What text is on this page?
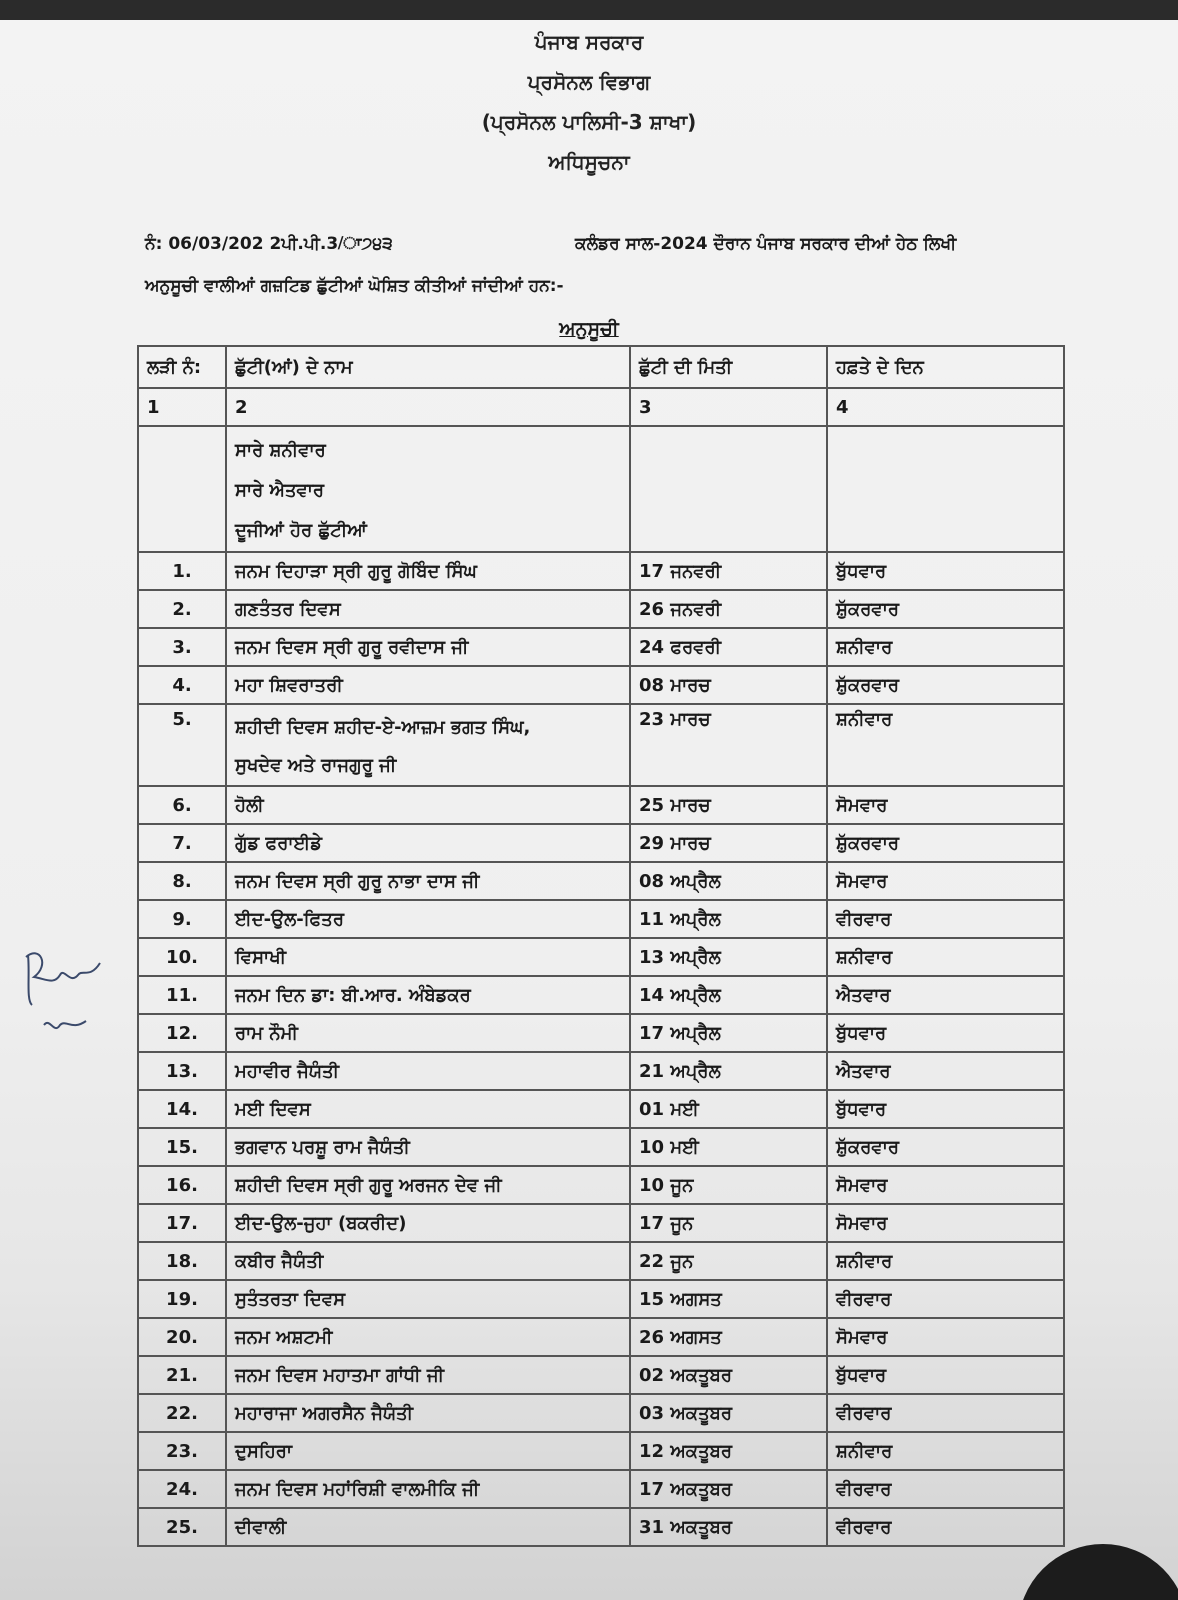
ਪੰਜਾਬ ਸਰਕਾਰ
ਪ੍ਰਸੋਨਲ ਵਿਭਾਗ
(ਪ੍ਰਸੋਨਲ ਪਾਲਿਸੀ-3 ਸ਼ਾਖਾ)
ਅਧਿਸੂਚਨਾ
ਨੰ: 06/03/202 2ਪੀ.ਪੀ.3/ਾ੭੪੩	ਕਲੰਡਰ ਸਾਲ-2024 ਦੌਰਾਨ ਪੰਜਾਬ ਸਰਕਾਰ ਦੀਆਂ ਹੇਠ ਲਿਖੀ
ਅਨੁਸੂਚੀ ਵਾਲੀਆਂ ਗਜ਼ਟਿਡ ਛੁੱਟੀਆਂ ਘੋਸ਼ਿਤ ਕੀਤੀਆਂ ਜਾਂਦੀਆਂ ਹਨ:-
ਅਨੁਸੂਚੀ
ਲੜੀ ਨੰ:	ਛੁੱਟੀ(ਆਂ) ਦੇ ਨਾਮ	ਛੁੱਟੀ ਦੀ ਮਿਤੀ	ਹਫ਼ਤੇ ਦੇ ਦਿਨ
1	2	3	4

	ਸਾਰੇ ਸ਼ਨੀਵਾਰ
ਸਾਰੇ ਐਤਵਾਰ
ਦੂਜੀਆਂ ਹੋਰ ਛੁੱਟੀਆਂ		

1.	ਜਨਮ ਦਿਹਾੜਾ ਸ੍ਰੀ ਗੁਰੂ ਗੋਬਿੰਦ ਸਿੰਘ	17 ਜਨਵਰੀ	ਬੁੱਧਵਾਰ
2.	ਗਣਤੰਤਰ ਦਿਵਸ	26 ਜਨਵਰੀ	ਸ਼ੁੱਕਰਵਾਰ
3.	ਜਨਮ ਦਿਵਸ ਸ੍ਰੀ ਗੁਰੂ ਰਵੀਦਾਸ ਜੀ	24 ਫਰਵਰੀ	ਸ਼ਨੀਵਾਰ
4.	ਮਹਾ ਸ਼ਿਵਰਾਤਰੀ	08 ਮਾਰਚ	ਸ਼ੁੱਕਰਵਾਰ
5.	ਸ਼ਹੀਦੀ ਦਿਵਸ ਸ਼ਹੀਦ-ਏ-ਆਜ਼ਮ ਭਗਤ ਸਿੰਘ,
ਸੁਖਦੇਵ ਅਤੇ ਰਾਜਗੁਰੂ ਜੀ	23 ਮਾਰਚ	ਸ਼ਨੀਵਾਰ
6.	ਹੋਲੀ	25 ਮਾਰਚ	ਸੋਮਵਾਰ
7.	ਗੁੱਡ ਫਰਾਈਡੇ	29 ਮਾਰਚ	ਸ਼ੁੱਕਰਵਾਰ
8.	ਜਨਮ ਦਿਵਸ ਸ੍ਰੀ ਗੁਰੂ ਨਾਭਾ ਦਾਸ ਜੀ	08 ਅਪ੍ਰੈਲ	ਸੋਮਵਾਰ
9.	ਈਦ-ਉਲ-ਫਿਤਰ	11 ਅਪ੍ਰੈਲ	ਵੀਰਵਾਰ
10.	ਵਿਸਾਖੀ	13 ਅਪ੍ਰੈਲ	ਸ਼ਨੀਵਾਰ
11.	ਜਨਮ ਦਿਨ ਡਾ: ਬੀ.ਆਰ. ਅੰਬੇਡਕਰ	14 ਅਪ੍ਰੈਲ	ਐਤਵਾਰ
12.	ਰਾਮ ਨੌਮੀ	17 ਅਪ੍ਰੈਲ	ਬੁੱਧਵਾਰ
13.	ਮਹਾਵੀਰ ਜੈਯੰਤੀ	21 ਅਪ੍ਰੈਲ	ਐਤਵਾਰ
14.	ਮਈ ਦਿਵਸ	01 ਮਈ	ਬੁੱਧਵਾਰ
15.	ਭਗਵਾਨ ਪਰਸ਼ੂ ਰਾਮ ਜੈਯੰਤੀ	10 ਮਈ	ਸ਼ੁੱਕਰਵਾਰ
16.	ਸ਼ਹੀਦੀ ਦਿਵਸ ਸ੍ਰੀ ਗੁਰੂ ਅਰਜਨ ਦੇਵ ਜੀ	10 ਜੂਨ	ਸੋਮਵਾਰ
17.	ਈਦ-ਉਲ-ਜੁਹਾ (ਬਕਰੀਦ)	17 ਜੂਨ	ਸੋਮਵਾਰ
18.	ਕਬੀਰ ਜੈਯੰਤੀ	22 ਜੂਨ	ਸ਼ਨੀਵਾਰ
19.	ਸੁਤੰਤਰਤਾ ਦਿਵਸ	15 ਅਗਸਤ	ਵੀਰਵਾਰ
20.	ਜਨਮ ਅਸ਼ਟਮੀ	26 ਅਗਸਤ	ਸੋਮਵਾਰ
21.	ਜਨਮ ਦਿਵਸ ਮਹਾਤਮਾ ਗਾਂਧੀ ਜੀ	02 ਅਕਤੂਬਰ	ਬੁੱਧਵਾਰ
22.	ਮਹਾਰਾਜਾ ਅਗਰਸੈਨ ਜੈਯੰਤੀ	03 ਅਕਤੂਬਰ	ਵੀਰਵਾਰ
23.	ਦੁਸਹਿਰਾ	12 ਅਕਤੂਬਰ	ਸ਼ਨੀਵਾਰ
24.	ਜਨਮ ਦਿਵਸ ਮਹਾਂਰਿਸ਼ੀ ਵਾਲਮੀਕਿ ਜੀ	17 ਅਕਤੂਬਰ	ਵੀਰਵਾਰ
25.	ਦੀਵਾਲੀ	31 ਅਕਤੂਬਰ	ਵੀਰਵਾਰ
